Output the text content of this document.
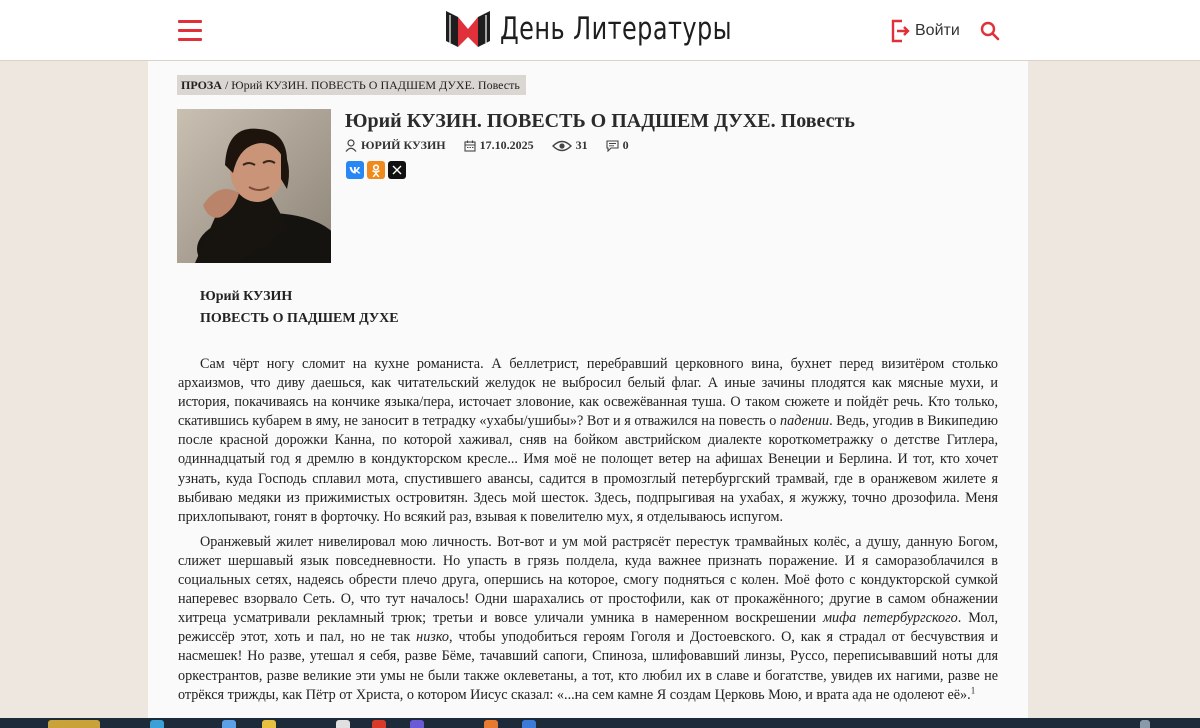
День Литературы	Войти
ПРОЗА / Юрий КУЗИН. ПОВЕСТЬ О ПАДШЕМ ДУХЕ. Повесть
Юрий КУЗИН. ПОВЕСТЬ О ПАДШЕМ ДУХЕ. Повесть
ЮРИЙ КУЗИН	17.10.2025	31	0
Юрий КУЗИН
ПОВЕСТЬ О ПАДШЕМ ДУХЕ

Сам чёрт ногу сломит на кухне романиста. А беллетрист, перебравший церковного вина, бухнет перед визитёром столько архаизмов, что диву даешься, как читательский желудок не выбросил белый флаг. А иные зачины плодятся как мясные мухи, и история, покачиваясь на кончике языка/пера, источает зловоние, как освежёванная туша. О таком сюжете и пойдёт речь. Кто только, скатившись кубарем в яму, не заносит в тетрадку «ухабы/ушибы»? Вот и я отважился на повесть о падении. Ведь, угодив в Википедию после красной дорожки Канна, по которой хаживал, сняв на бойком австрийском диалекте короткометражку о детстве Гитлера, одиннадцатый год я дремлю в кондукторском кресле... Имя моё не полощет ветер на афишах Венеции и Берлина. И тот, кто хочет узнать, куда Господь сплавил мота, спустившего авансы, садится в промозглый петербургский трамвай, где в оранжевом жилете я выбиваю медяки из прижимистых островитян. Здесь мой шесток. Здесь, подпрыгивая на ухабах, я жужжу, точно дрозофила. Меня прихлопывают, гонят в форточку. Но всякий раз, взывая к повелителю мух, я отделываюсь испугом.

Оранжевый жилет нивелировал мою личность. Вот-вот и ум мой растрясёт перестук трамвайных колёс, а душу, данную Богом, слижет шершавый язык повседневности. Но упасть в грязь полдела, куда важнее признать поражение. И я саморазоблачился в социальных сетях, надеясь обрести плечо друга, опершись на которое, смогу подняться с колен. Моё фото с кондукторской сумкой наперевес взорвало Сеть. О, что тут началось! Одни шарахались от простофили, как от прокажённого; другие в самом обнажении хитреца усматривали рекламный трюк; третьи и вовсе уличали умника в намеренном воскрешении мифа петербургского. Мол, режиссёр этот, хоть и пал, но не так низко, чтобы уподобиться героям Гоголя и Достоевского. О, как я страдал от бесчувствия и насмешек! Но разве, утешал я себя, разве Бёме, тачавший сапоги, Спиноза, шлифовавший линзы, Руссо, переписывавший ноты для оркестрантов, разве великие эти умы не были также оклеветаны, а тот, кто любил их в славе и богатстве, увидев их нагими, разве не отрёкся трижды, как Пётр от Христа, о котором Иисус сказал: «...на сем камне Я создам Церковь Мою, и врата ада не одолеют её».$^1$
